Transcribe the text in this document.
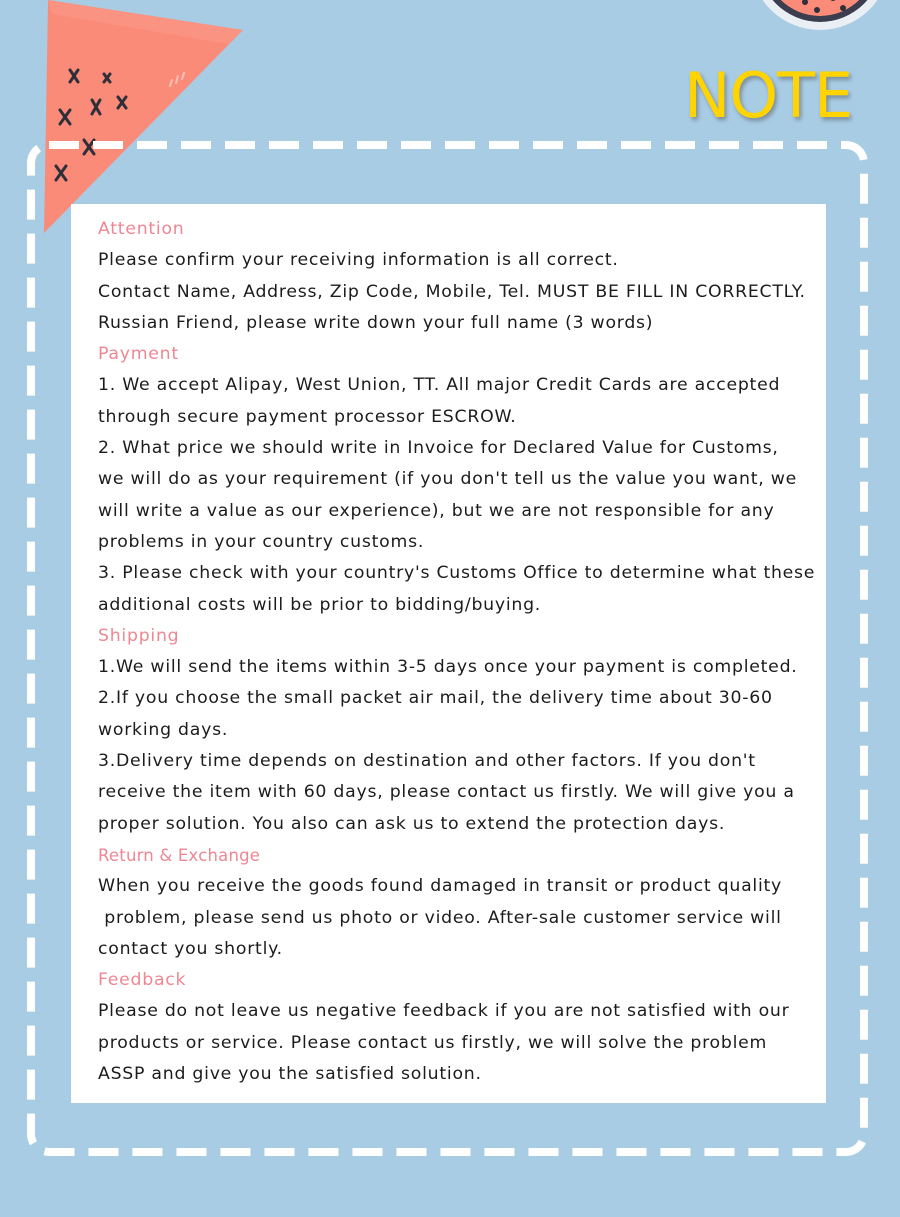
NOTE
Attention
Please confirm your receiving information is all correct.
Contact Name, Address, Zip Code, Mobile, Tel. MUST BE FILL IN CORRECTLY.
Russian Friend, please write down your full name (3 words)
Payment
1. We accept Alipay, West Union, TT. All major Credit Cards are accepted
through secure payment processor ESCROW.
2. What price we should write in Invoice for Declared Value for Customs,
we will do as your requirement (if you don't tell us the value you want, we
will write a value as our experience), but we are not responsible for any
problems in your country customs.
3. Please check with your country's Customs Office to determine what these
additional costs will be prior to bidding/buying.
Shipping
1.We will send the items within 3-5 days once your payment is completed.
2.If you choose the small packet air mail, the delivery time about 30-60
working days.
3.Delivery time depends on destination and other factors. If you don't
receive the item with 60 days, please contact us firstly. We will give you a
proper solution. You also can ask us to extend the protection days.
Return & Exchange
When you receive the goods found damaged in transit or product quality
problem, please send us photo or video. After-sale customer service will
contact you shortly.
Feedback
Please do not leave us negative feedback if you are not satisfied with our
products or service. Please contact us firstly, we will solve the problem
ASSP and give you the satisfied solution.
